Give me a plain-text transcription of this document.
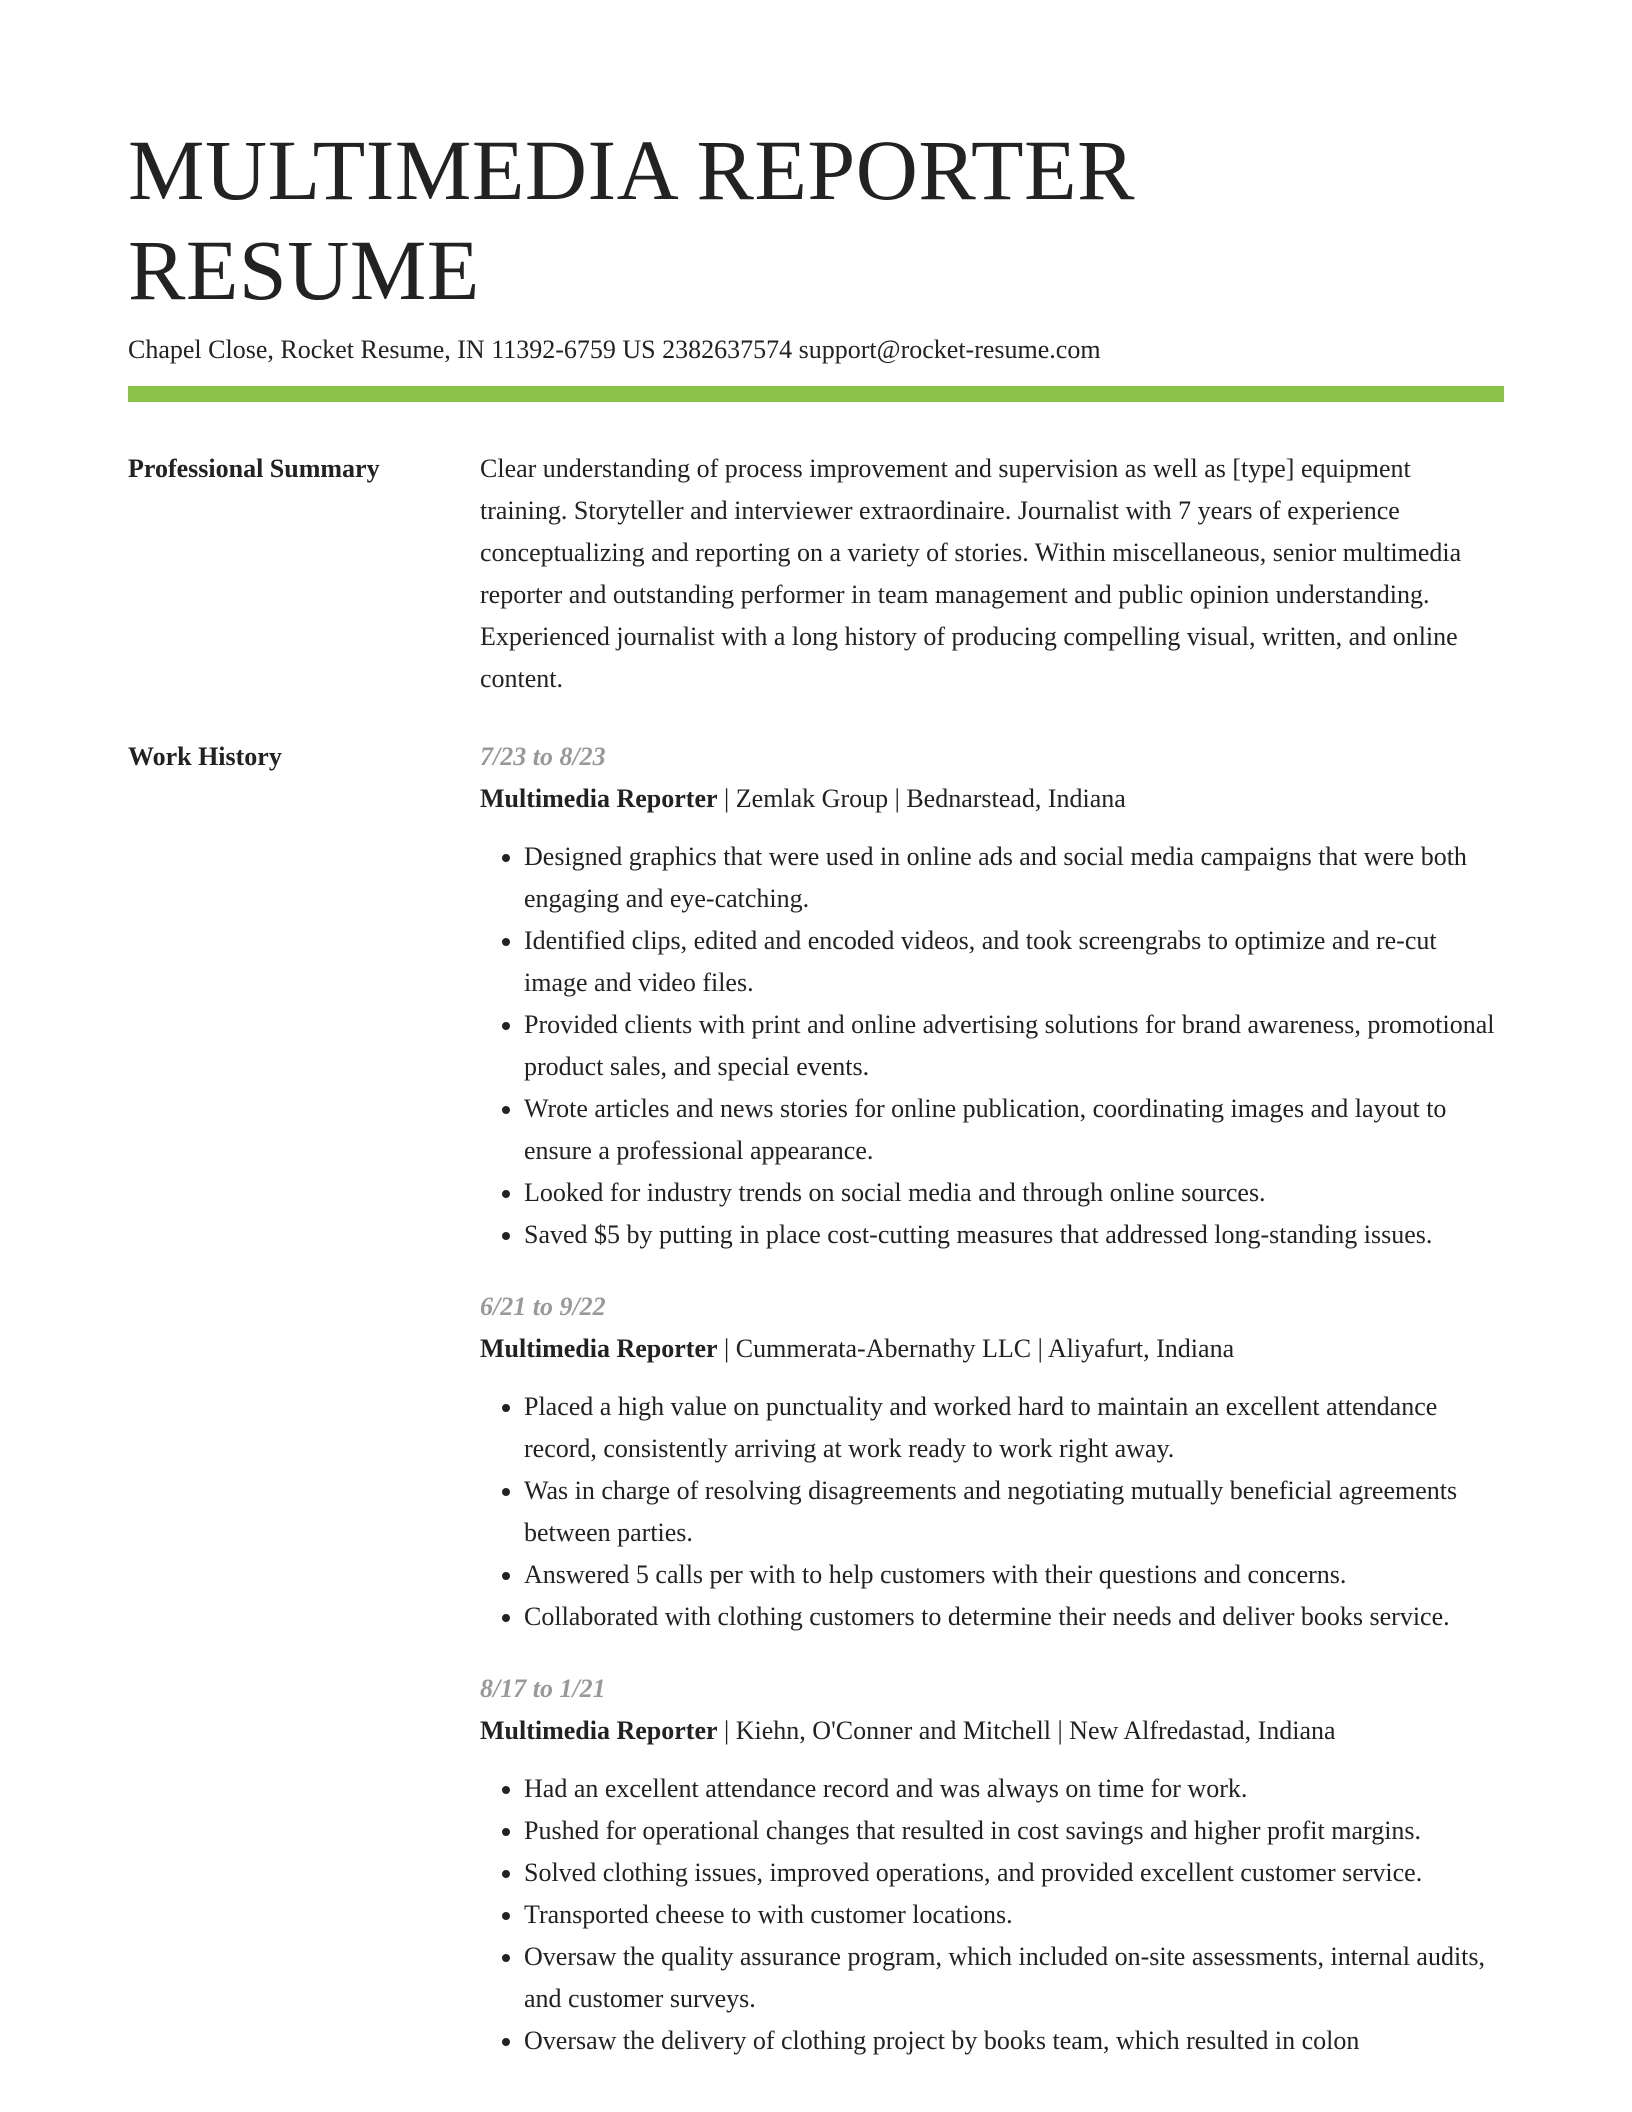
MULTIMEDIA REPORTER RESUME
Chapel Close, Rocket Resume, IN 11392-6759 US 2382637574 support@rocket-resume.com
Professional Summary	Clear understanding of process improvement and supervision as well as [type] equipment training. Storyteller and interviewer extraordinaire. Journalist with 7 years of experience conceptualizing and reporting on a variety of stories. Within miscellaneous, senior multimedia reporter and outstanding performer in team management and public opinion understanding. Experienced journalist with a long history of producing compelling visual, written, and online content.

Work History	7/23 to 8/23
Multimedia Reporter | Zemlak Group | Bednarstead, Indiana
• Designed graphics that were used in online ads and social media campaigns that were both engaging and eye-catching.
• Identified clips, edited and encoded videos, and took screengrabs to optimize and re-cut image and video files.
• Provided clients with print and online advertising solutions for brand awareness, promotional product sales, and special events.
• Wrote articles and news stories for online publication, coordinating images and layout to ensure a professional appearance.
• Looked for industry trends on social media and through online sources.
• Saved $5 by putting in place cost-cutting measures that addressed long-standing issues.
6/21 to 9/22
Multimedia Reporter | Cummerata-Abernathy LLC | Aliyafurt, Indiana
• Placed a high value on punctuality and worked hard to maintain an excellent attendance record, consistently arriving at work ready to work right away.
• Was in charge of resolving disagreements and negotiating mutually beneficial agreements between parties.
• Answered 5 calls per with to help customers with their questions and concerns.
• Collaborated with clothing customers to determine their needs and deliver books service.
8/17 to 1/21
Multimedia Reporter | Kiehn, O'Conner and Mitchell | New Alfredastad, Indiana
• Had an excellent attendance record and was always on time for work.
• Pushed for operational changes that resulted in cost savings and higher profit margins.
• Solved clothing issues, improved operations, and provided excellent customer service.
• Transported cheese to with customer locations.
• Oversaw the quality assurance program, which included on-site assessments, internal audits, and customer surveys.
• Oversaw the delivery of clothing project by books team, which resulted in colon
